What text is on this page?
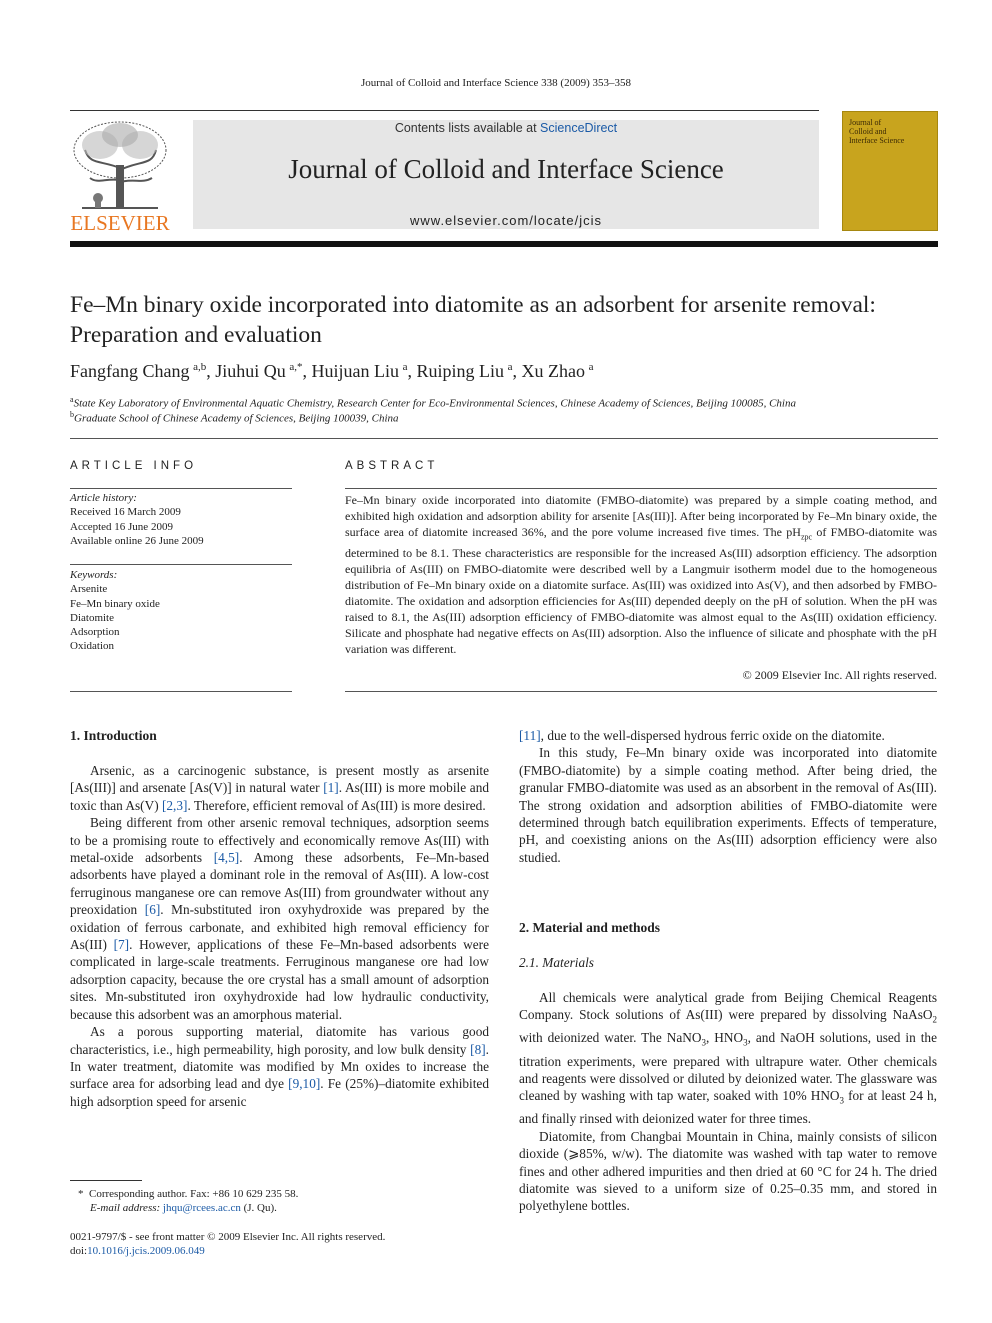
Journal of Colloid and Interface Science 338 (2009) 353–358
ELSEVIER
Contents lists available at ScienceDirect
Journal of Colloid and Interface Science
www.elsevier.com/locate/jcis
Journal of
Colloid and
Interface Science
Fe–Mn binary oxide incorporated into diatomite as an adsorbent for arsenite removal: Preparation and evaluation
Fangfang Chang  $^{a,b}$, Jiuhui Qu  $^{a,*}$, Huijuan Liu  $^a$, Ruiping Liu  $^a$, Xu Zhao  $^a$
$^a$State Key Laboratory of Environmental Aquatic Chemistry, Research Center for Eco-Environmental Sciences, Chinese Academy of Sciences, Beijing 100085, China
$^b$Graduate School of Chinese Academy of Sciences, Beijing 100039, China
ARTICLE INFO
Article history:
Received 16 March 2009
Accepted 16 June 2009
Available online 26 June 2009
Keywords:
Arsenite
Fe–Mn binary oxide
Diatomite
Adsorption
Oxidation
ABSTRACT
Fe–Mn binary oxide incorporated into diatomite (FMBO-diatomite) was prepared by a simple coating method, and exhibited high oxidation and adsorption ability for arsenite [As(III)]. After being incorporated by Fe–Mn binary oxide, the surface area of diatomite increased 36%, and the pore volume increased five times. The $pH_{zpc}$ of FMBO-diatomite was determined to be 8.1. These characteristics are responsible for the increased As(III) adsorption efficiency. The adsorption equilibria of As(III) on FMBO-diatomite were described well by a Langmuir isotherm model due to the homogeneous distribution of Fe–Mn binary oxide on a diatomite surface. As(III) was oxidized into As(V), and then adsorbed by FMBO-diatomite. The oxidation and adsorption efficiencies for As(III) depended deeply on the pH of solution. When the pH was raised to 8.1, the As(III) adsorption efficiency of FMBO-diatomite was almost equal to the As(III) oxidation efficiency. Silicate and phosphate had negative effects on As(III) adsorption. Also the influence of silicate and phosphate with the pH variation was different.
© 2009 Elsevier Inc. All rights reserved.
1. Introduction

Arsenic, as a carcinogenic substance, is present mostly as arsenite [As(III)] and arsenate [As(V)] in natural water [1]. As(III) is more mobile and toxic than As(V) [2,3]. Therefore, efficient removal of As(III) is more desired.

Being different from other arsenic removal techniques, adsorption seems to be a promising route to effectively and economically remove As(III) with metal-oxide adsorbents [4,5]. Among these adsorbents, Fe–Mn-based adsorbents have played a dominant role in the removal of As(III). A low-cost ferruginous manganese ore can remove As(III) from groundwater without any preoxidation [6]. Mn-substituted iron oxyhydroxide was prepared by the oxidation of ferrous carbonate, and exhibited high removal efficiency for As(III) [7]. However, applications of these Fe–Mn-based adsorbents were complicated in large-scale treatments. Ferruginous manganese ore had low adsorption capacity, because the ore crystal has a small amount of adsorption sites. Mn-substituted iron oxyhydroxide had low hydraulic conductivity, because this adsorbent was an amorphous material.

As a porous supporting material, diatomite has various good characteristics, i.e., high permeability, high porosity, and low bulk density [8]. In water treatment, diatomite was modified by Mn oxides to increase the surface area for adsorbing lead and dye [9,10]. Fe (25%)–diatomite exhibited high adsorption speed for arsenic

* Corresponding author. Fax: +86 10 629 235 58.
E-mail address: jhqu@rcees.ac.cn (J. Qu).
0021-9797/$ - see front matter © 2009 Elsevier Inc. All rights reserved.
doi:10.1016/j.jcis.2009.06.049

[11], due to the well-dispersed hydrous ferric oxide on the diatomite.

In this study, Fe–Mn binary oxide was incorporated into diatomite (FMBO-diatomite) by a simple coating method. After being dried, the granular FMBO-diatomite was used as an absorbent in the removal of As(III). The strong oxidation and adsorption abilities of FMBO-diatomite were determined through batch equilibration experiments. Effects of temperature, pH, and coexisting anions on the As(III) adsorption efficiency were also studied.

2. Material and methods
2.1. Materials

All chemicals were analytical grade from Beijing Chemical Reagents Company. Stock solutions of As(III) were prepared by dissolving NaAsO$_2$ with deionized water. The NaNO$_3$, $HNO_3$, and NaOH solutions, used in the titration experiments, were prepared with ultrapure water. Other chemicals and reagents were dissolved or diluted by deionized water. The glassware was cleaned by washing with tap water, soaked with 10% $HNO_3$ for at least 24 h, and finally rinsed with deionized water for three times.

Diatomite, from Changbai Mountain in China, mainly consists of silicon dioxide (⩾85%, w/w). The diatomite was washed with tap water to remove fines and other adhered impurities and then dried at 60 °C for 24 h. The dried diatomite was sieved to a uniform size of 0.25–0.35 mm, and stored in polyethylene bottles.
